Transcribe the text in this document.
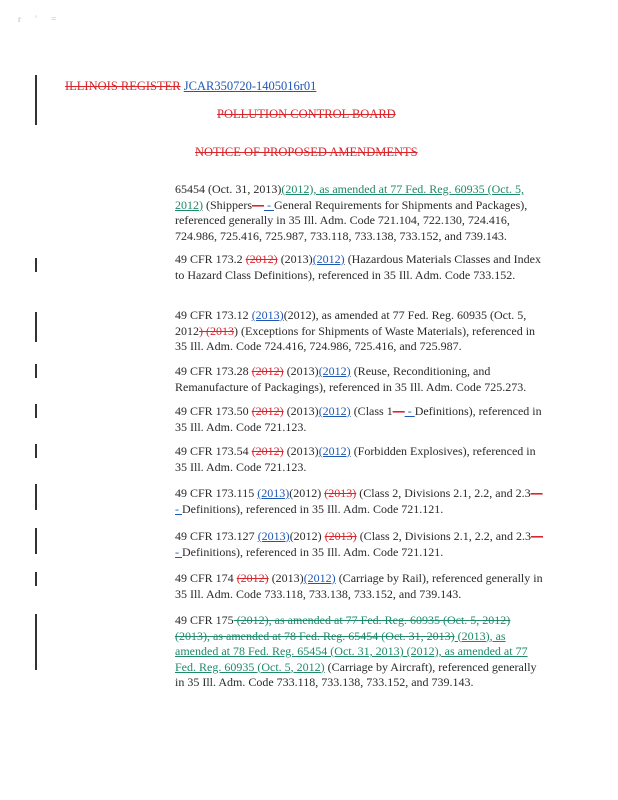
r ' =
ILLINOIS REGISTER JCAR350720-1405016r01
POLLUTION CONTROL BOARD
NOTICE OF PROPOSED AMENDMENTS
65454 (Oct. 31, 2013)(2012), as amended at 77 Fed. Reg. 60935 (Oct. 5, 2012) (Shippers— - General Requirements for Shipments and Packages), referenced generally in 35 Ill. Adm. Code 721.104, 722.130, 724.416, 724.986, 725.416, 725.987, 733.118, 733.138, 733.152, and 739.143.
49 CFR 173.2 (2012) (2013)(2012) (Hazardous Materials Classes and Index to Hazard Class Definitions), referenced in 35 Ill. Adm. Code 733.152.
49 CFR 173.12 (2013)(2012), as amended at 77 Fed. Reg. 60935 (Oct. 5, 2012) (2013) (Exceptions for Shipments of Waste Materials), referenced in 35 Ill. Adm. Code 724.416, 724.986, 725.416, and 725.987.
49 CFR 173.28 (2012) (2013)(2012) (Reuse, Reconditioning, and Remanufacture of Packagings), referenced in 35 Ill. Adm. Code 725.273.
49 CFR 173.50 (2012) (2013)(2012) (Class 1— - Definitions), referenced in 35 Ill. Adm. Code 721.123.
49 CFR 173.54 (2012) (2013)(2012) (Forbidden Explosives), referenced in 35 Ill. Adm. Code 721.123.
49 CFR 173.115 (2013)(2012) (2013) (Class 2, Divisions 2.1, 2.2, and 2.3— - Definitions), referenced in 35 Ill. Adm. Code 721.121.
49 CFR 173.127 (2013)(2012) (2013) (Class 2, Divisions 2.1, 2.2, and 2.3— - Definitions), referenced in 35 Ill. Adm. Code 721.121.
49 CFR 174 (2012) (2013)(2012) (Carriage by Rail), referenced generally in 35 Ill. Adm. Code 733.118, 733.138, 733.152, and 739.143.
49 CFR 175 (2012), as amended at 77 Fed. Reg. 60935 (Oct. 5, 2012) (2013), as amended at 78 Fed. Reg. 65454 (Oct. 31, 2013) (2013), as amended at 78 Fed. Reg. 65454 (Oct. 31, 2013) (2012), as amended at 77 Fed. Reg. 60935 (Oct. 5, 2012) (Carriage by Aircraft), referenced generally in 35 Ill. Adm. Code 733.118, 733.138, 733.152, and 739.143.
